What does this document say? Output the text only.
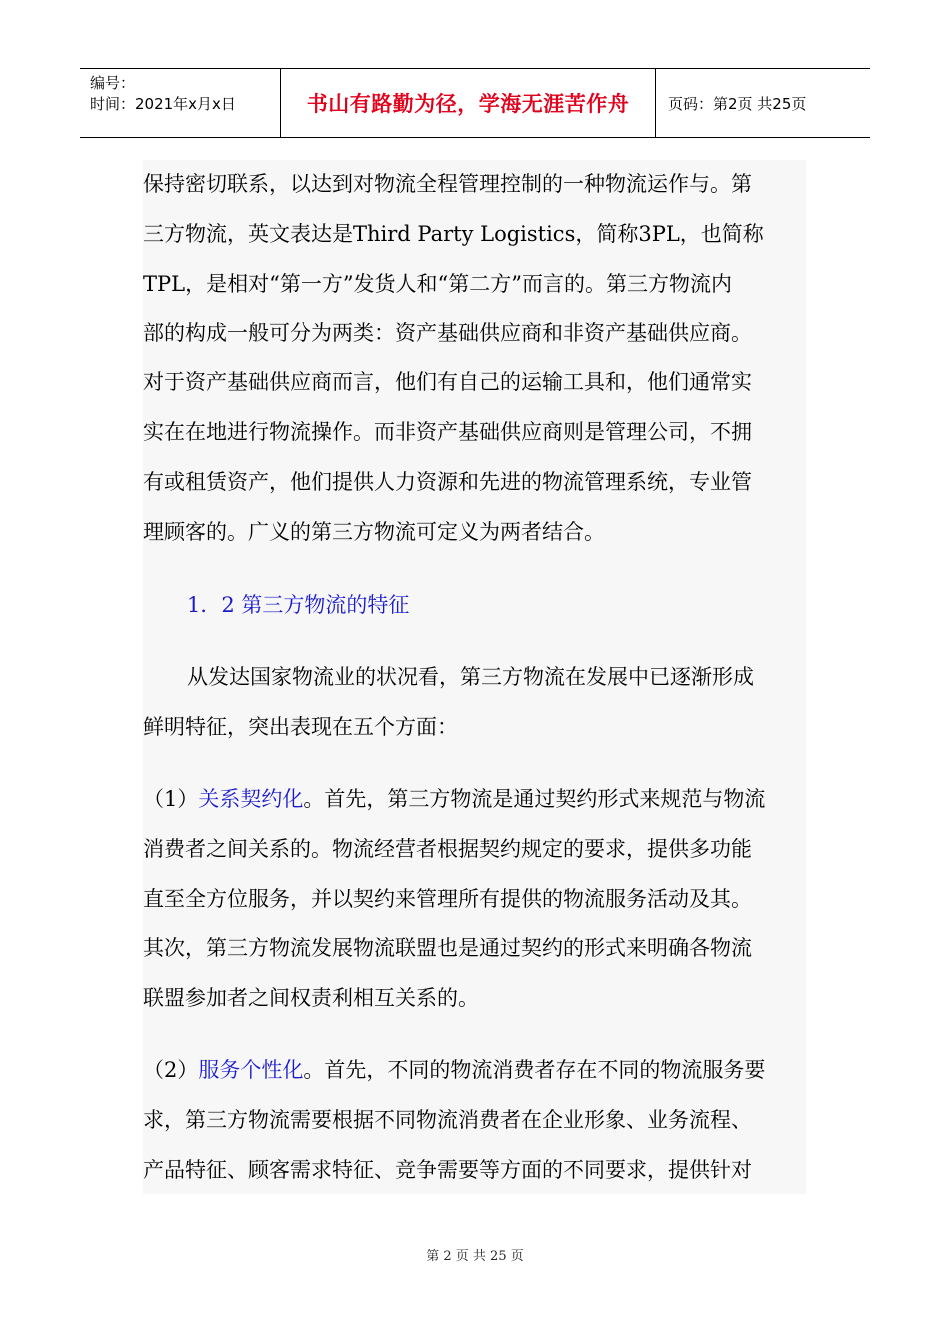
编号：
时间：2021年x月x日	书山有路勤为径，学海无涯苦作舟	页码：第2页 共25页
保持密切联系，以达到对物流全程管理控制的一种物流运作与。第
三方物流，英文表达是Third Party Logistics，简称3PL，也简称
TPL，是相对“第一方”发货人和“第二方”而言的。第三方物流内
部的构成一般可分为两类：资产基础供应商和非资产基础供应商。
对于资产基础供应商而言，他们有自己的运输工具和，他们通常实
实在在地进行物流操作。而非资产基础供应商则是管理公司，不拥
有或租赁资产，他们提供人力资源和先进的物流管理系统，专业管
理顾客的。广义的第三方物流可定义为两者结合。
1．2 第三方物流的特征
从发达国家物流业的状况看，第三方物流在发展中已逐渐形成
鲜明特征，突出表现在五个方面：
（1）关系契约化。首先，第三方物流是通过契约形式来规范与物流
消费者之间关系的。物流经营者根据契约规定的要求，提供多功能
直至全方位服务，并以契约来管理所有提供的物流服务活动及其。
其次，第三方物流发展物流联盟也是通过契约的形式来明确各物流
联盟参加者之间权责利相互关系的。
（2）服务个性化。首先，不同的物流消费者存在不同的物流服务要
求，第三方物流需要根据不同物流消费者在企业形象、业务流程、
产品特征、顾客需求特征、竞争需要等方面的不同要求，提供针对
第 2 页 共 25 页
